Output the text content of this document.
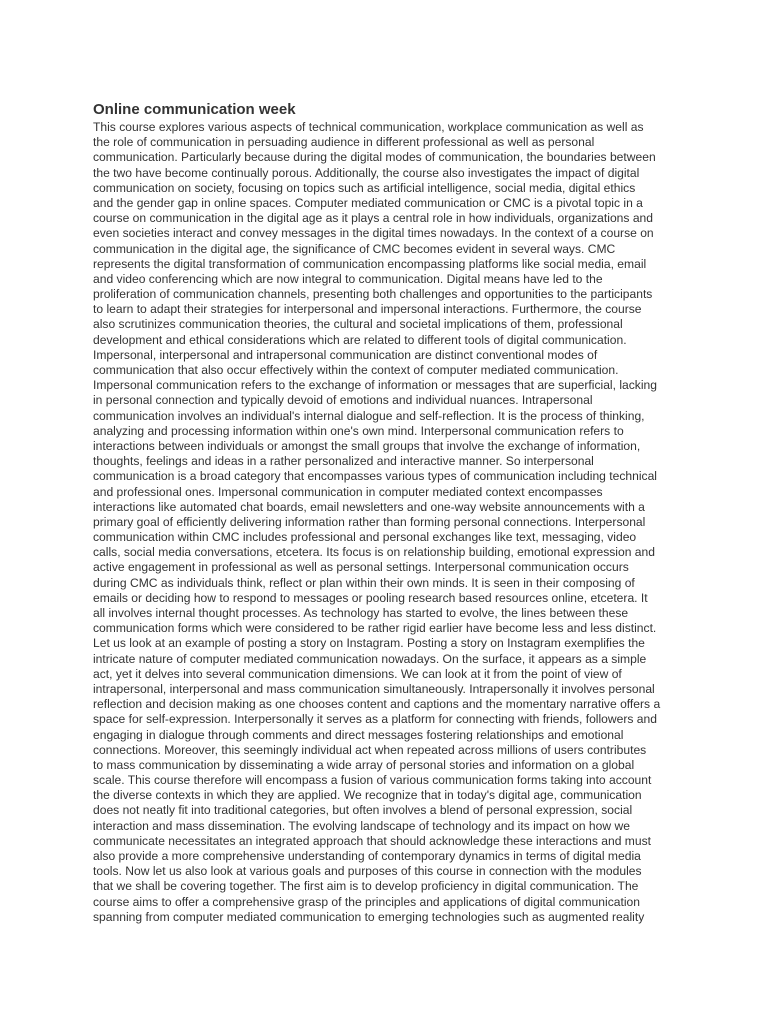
Online communication week
This course explores various aspects of technical communication, workplace communication as well as
the role of communication in persuading audience in different professional as well as personal
communication. Particularly because during the digital modes of communication, the boundaries between
the two have become continually porous. Additionally, the course also investigates the impact of digital
communication on society, focusing on topics such as artificial intelligence, social media, digital ethics
and the gender gap in online spaces. Computer mediated communication or CMC is a pivotal topic in a
course on communication in the digital age as it plays a central role in how individuals, organizations and
even societies interact and convey messages in the digital times nowadays. In the context of a course on
communication in the digital age, the significance of CMC becomes evident in several ways. CMC
represents the digital transformation of communication encompassing platforms like social media, email
and video conferencing which are now integral to communication. Digital means have led to the
proliferation of communication channels, presenting both challenges and opportunities to the participants
to learn to adapt their strategies for interpersonal and impersonal interactions. Furthermore, the course
also scrutinizes communication theories, the cultural and societal implications of them, professional
development and ethical considerations which are related to different tools of digital communication.
Impersonal, interpersonal and intrapersonal communication are distinct conventional modes of
communication that also occur effectively within the context of computer mediated communication.
Impersonal communication refers to the exchange of information or messages that are superficial, lacking
in personal connection and typically devoid of emotions and individual nuances. Intrapersonal
communication involves an individual's internal dialogue and self-reflection. It is the process of thinking,
analyzing and processing information within one's own mind. Interpersonal communication refers to
interactions between individuals or amongst the small groups that involve the exchange of information,
thoughts, feelings and ideas in a rather personalized and interactive manner. So interpersonal
communication is a broad category that encompasses various types of communication including technical
and professional ones. Impersonal communication in computer mediated context encompasses
interactions like automated chat boards, email newsletters and one-way website announcements with a
primary goal of efficiently delivering information rather than forming personal connections. Interpersonal
communication within CMC includes professional and personal exchanges like text, messaging, video
calls, social media conversations, etcetera. Its focus is on relationship building, emotional expression and
active engagement in professional as well as personal settings. Interpersonal communication occurs
during CMC as individuals think, reflect or plan within their own minds. It is seen in their composing of
emails or deciding how to respond to messages or pooling research based resources online, etcetera. It
all involves internal thought processes. As technology has started to evolve, the lines between these
communication forms which were considered to be rather rigid earlier have become less and less distinct.
Let us look at an example of posting a story on Instagram. Posting a story on Instagram exemplifies the
intricate nature of computer mediated communication nowadays. On the surface, it appears as a simple
act, yet it delves into several communication dimensions. We can look at it from the point of view of
intrapersonal, interpersonal and mass communication simultaneously. Intrapersonally it involves personal
reflection and decision making as one chooses content and captions and the momentary narrative offers a
space for self-expression. Interpersonally it serves as a platform for connecting with friends, followers and
engaging in dialogue through comments and direct messages fostering relationships and emotional
connections. Moreover, this seemingly individual act when repeated across millions of users contributes
to mass communication by disseminating a wide array of personal stories and information on a global
scale. This course therefore will encompass a fusion of various communication forms taking into account
the diverse contexts in which they are applied. We recognize that in today's digital age, communication
does not neatly fit into traditional categories, but often involves a blend of personal expression, social
interaction and mass dissemination. The evolving landscape of technology and its impact on how we
communicate necessitates an integrated approach that should acknowledge these interactions and must
also provide a more comprehensive understanding of contemporary dynamics in terms of digital media
tools. Now let us also look at various goals and purposes of this course in connection with the modules
that we shall be covering together. The first aim is to develop proficiency in digital communication. The
course aims to offer a comprehensive grasp of the principles and applications of digital communication
spanning from computer mediated communication to emerging technologies such as augmented reality
